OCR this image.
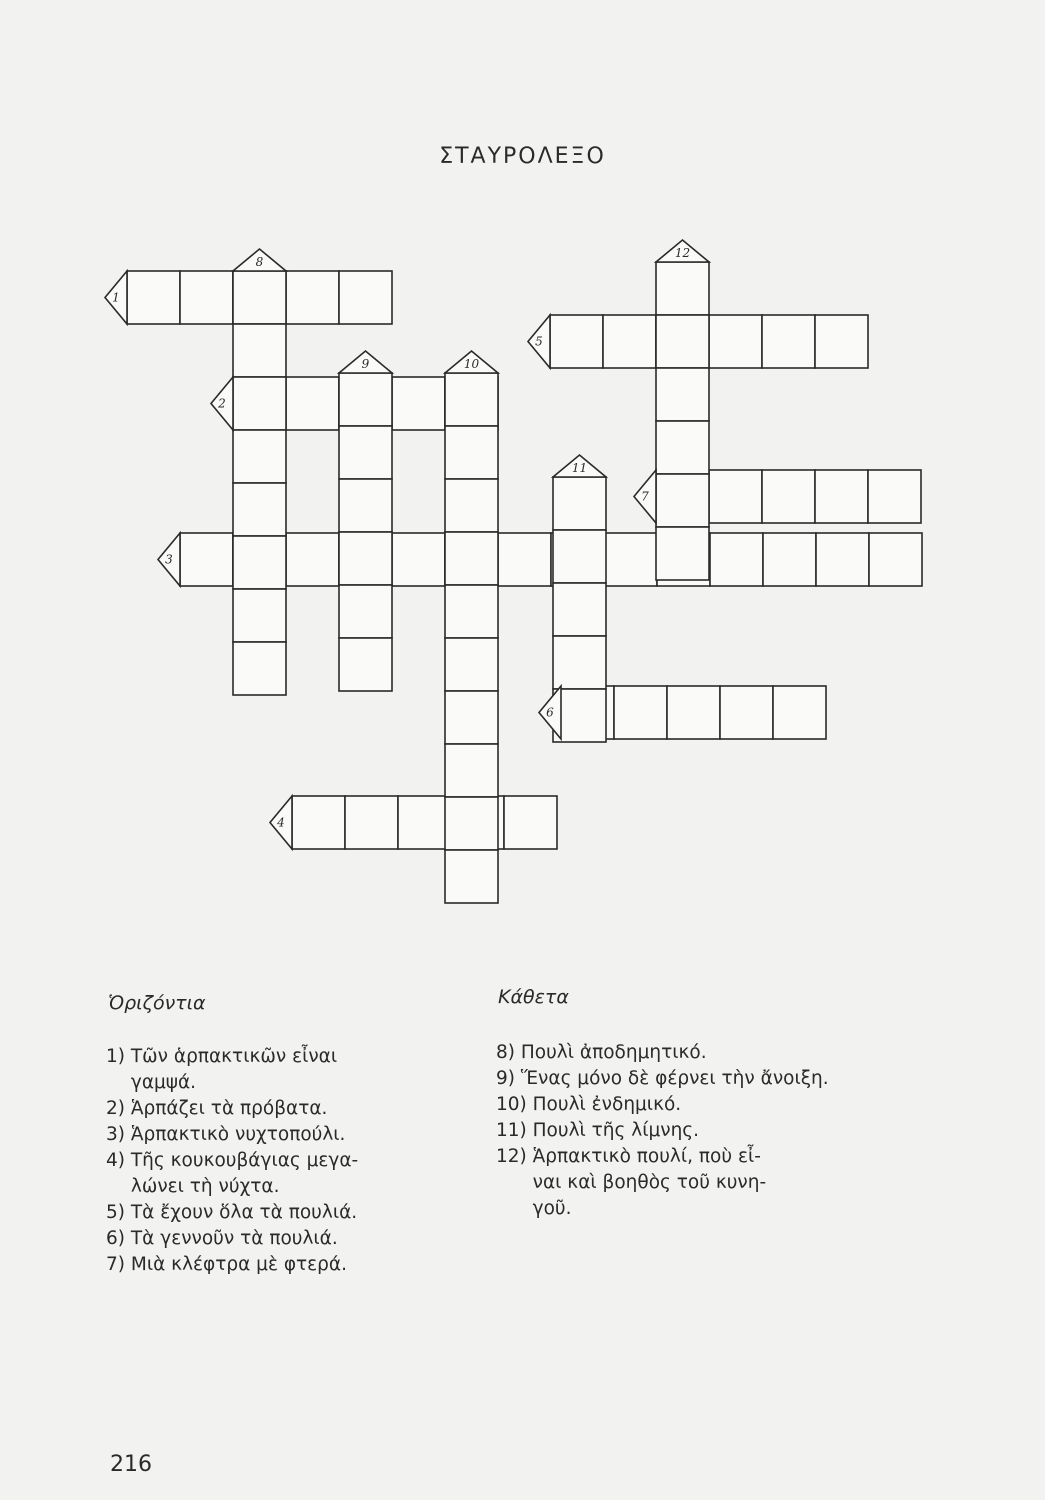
ΣΤΑΥΡΟΛΕΞΟ
1
5
2
7
3
6
4
8
9	10
11
12
Ὁριζόντια	Κάθετα
1) Τῶν ἁρπακτικῶν εἶναι
γαμψά.
2) Ἁρπάζει τὰ πρόβατα.
3) Ἁρπακτικὸ νυχτοπούλι.
4) Τῆς κουκουβάγιας μεγα-
λώνει τὴ νύχτα.
5) Τὰ ἔχουν ὅλα τὰ πουλιά.
6) Τὰ γεννοῦν τὰ πουλιά.
7) Μιὰ κλέφτρα μὲ φτερά.
8) Πουλὶ ἀποδημητικό.
9) Ἕνας μόνο δὲ φέρνει τὴν ἄνοιξη.
10) Πουλὶ ἐνδημικό.
11) Πουλὶ τῆς λίμνης.
12) Ἁρπακτικὸ πουλί, ποὺ εἶ-
ναι καὶ βοηθὸς τοῦ κυνη-
γοῦ.
216
